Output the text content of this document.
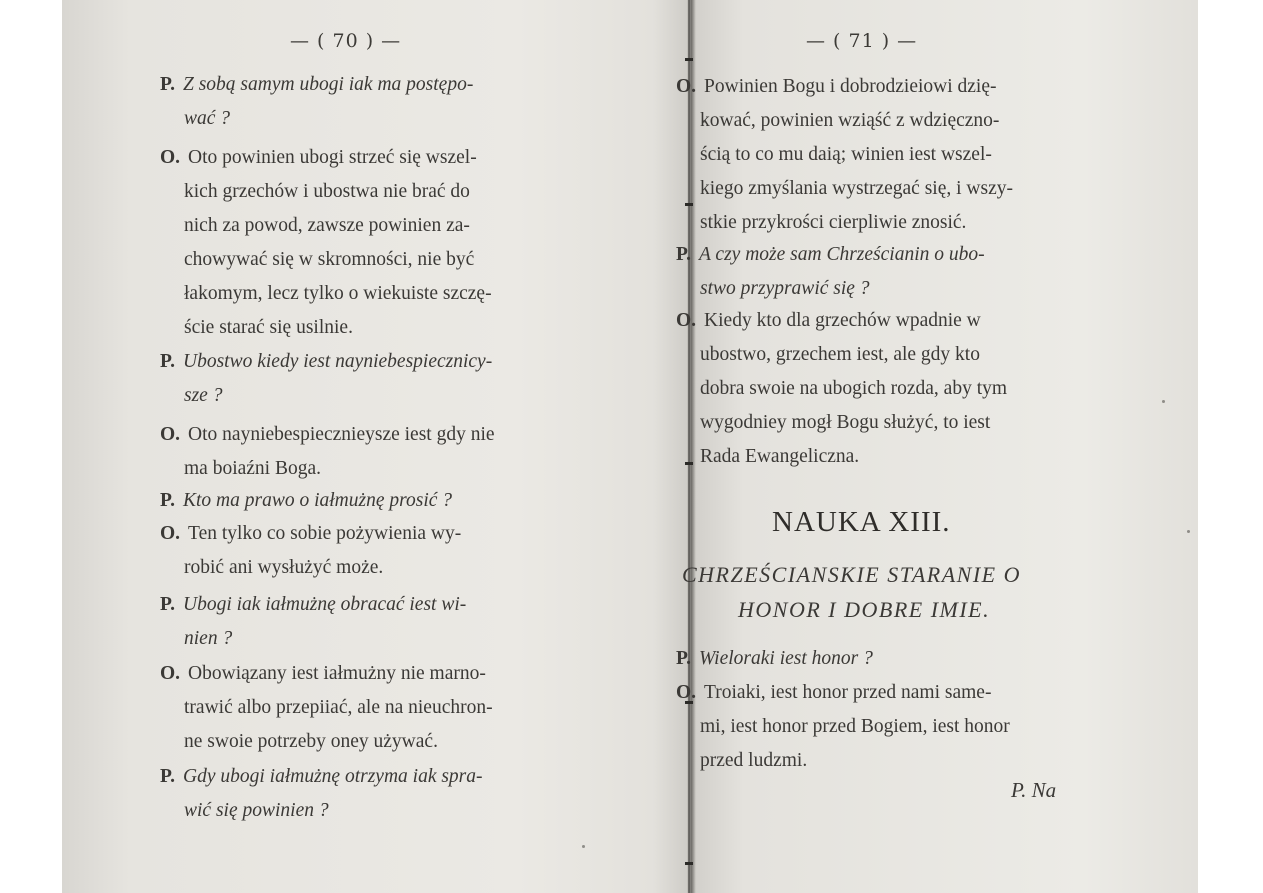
— ( 70 ) —
P. Z sobą samym ubogi iak ma postępo-
wać ?
O. Oto powinien ubogi strzeć się wszel-
kich grzechów i ubostwa nie brać do
nich za powod, zawsze powinien za-
chowywać się w skromności, nie być
łakomym, lecz tylko o wiekuiste szczę-
ście starać się usilnie.
P. Ubostwo kiedy iest nayniebespiecznicy-
sze ?
O. Oto nayniebespiecznieysze iest gdy nie
ma boiaźni Boga.
P. Kto ma prawo o iałmużnę prosić ?
O. Ten tylko co sobie pożywienia wy-
robić ani wysłużyć może.
P. Ubogi iak iałmużnę obracać iest wi-
nien ?
O. Obowiązany iest iałmużny nie marno-
trawić albo przepiiać, ale na nieuchron-
ne swoie potrzeby oney używać.
P. Gdy ubogi iałmużnę otrzyma iak spra-
wić się powinien ?
— ( 71 ) —
O. Powinien Bogu i dobrodzieiowi dzię-
kować, powinien wziąść z wdzięczno-
ścią to co mu daią; winien iest wszel-
kiego zmyślania wystrzegać się, i wszy-
stkie przykrości cierpliwie znosić.
P. A czy może sam Chrześcianin o ubo-
stwo przyprawić się ?
O. Kiedy kto dla grzechów wpadnie w
ubostwo, grzechem iest, ale gdy kto
dobra swoie na ubogich rozda, aby tym
wygodniey mogł Bogu służyć, to iest
Rada Ewangeliczna.
NAUKA XIII.
CHRZEŚCIANSKIE STARANIE O
HONOR I DOBRE IMIE.
P. Wieloraki iest honor ?
O. Troiaki, iest honor przed nami same-
mi, iest honor przed Bogiem, iest honor
przed ludzmi.
P. Na
